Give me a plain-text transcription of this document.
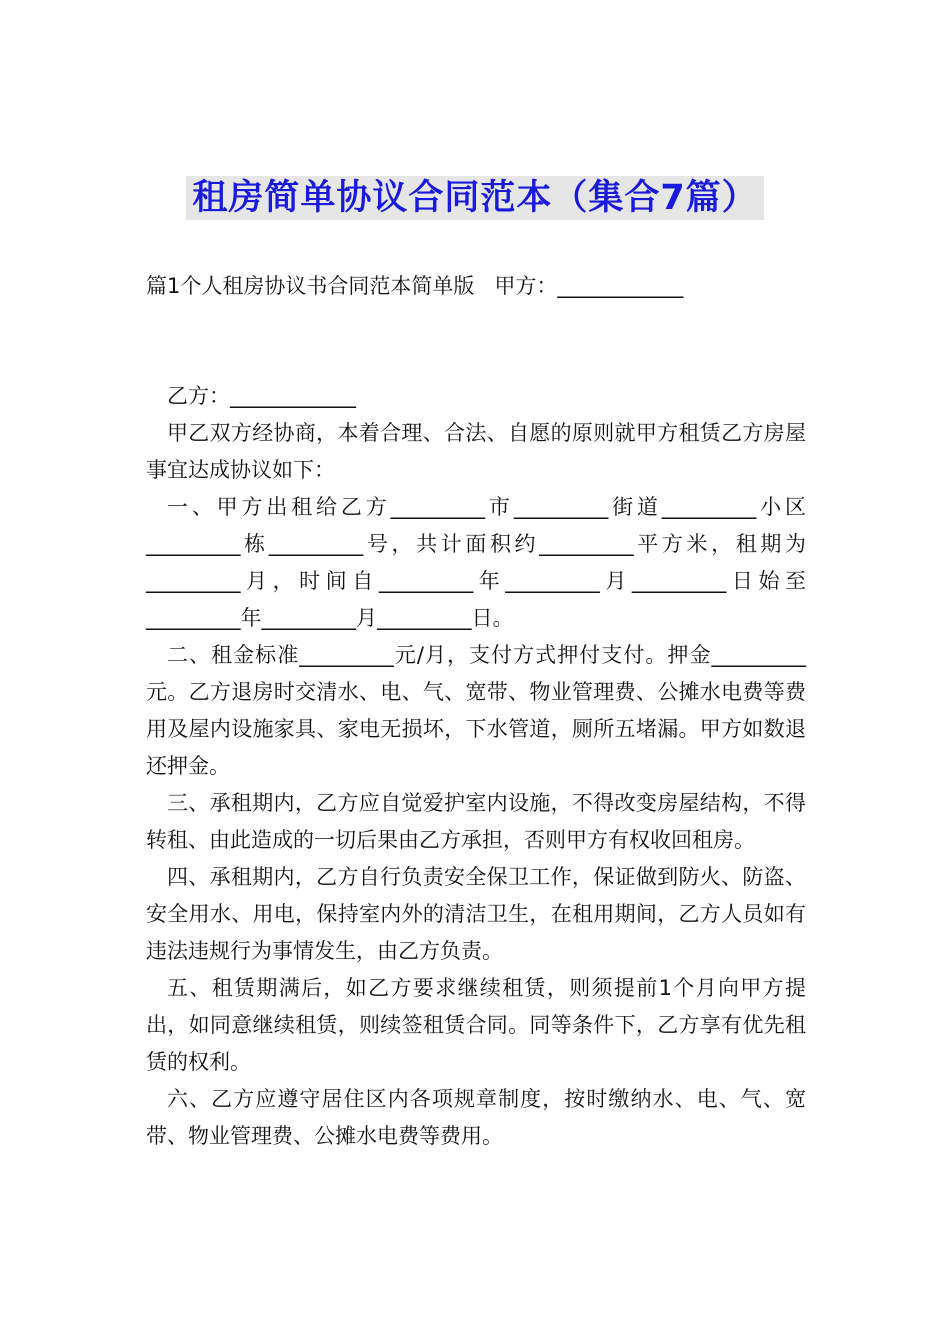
租房简单协议合同范本（集合7篇）
篇1个人租房协议书合同范本简单版 甲方：____________

乙方：____________

甲乙双方经协商，本着合理、合法、自愿的原则就甲方租赁乙方房屋事宜达成协议如下：

一、甲方出租给乙方_________市_________街道_________小区_________栋_________号，共计面积约_________平方米，租期为_________月，时间自_________年_________月_________日始至_________年_________月_________日。

二、租金标准_________元/月，支付方式押付支付。押金_________元。乙方退房时交清水、电、气、宽带、物业管理费、公摊水电费等费用及屋内设施家具、家电无损坏，下水管道，厕所五堵漏。甲方如数退还押金。

三、承租期内，乙方应自觉爱护室内设施，不得改变房屋结构，不得转租、由此造成的一切后果由乙方承担，否则甲方有权收回租房。

四、承租期内，乙方自行负责安全保卫工作，保证做到防火、防盗、安全用水、用电，保持室内外的清洁卫生，在租用期间，乙方人员如有违法违规行为事情发生，由乙方负责。

五、租赁期满后，如乙方要求继续租赁，则须提前1个月向甲方提出，如同意继续租赁，则续签租赁合同。同等条件下，乙方享有优先租赁的权利。

六、乙方应遵守居住区内各项规章制度，按时缴纳水、电、气、宽带、物业管理费、公摊水电费等费用。
